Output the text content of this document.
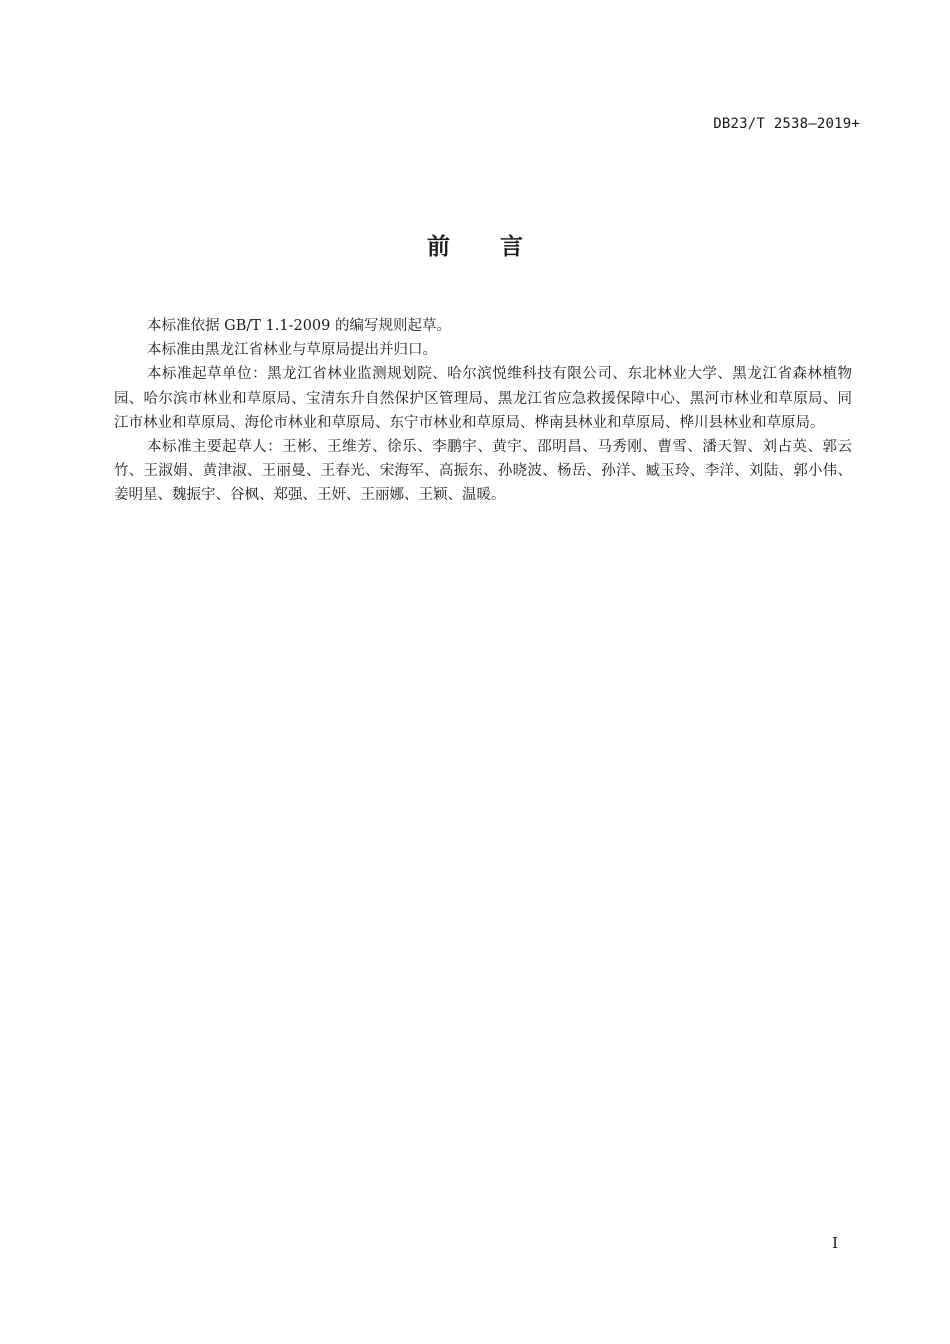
DB23/T 2538—2019+
前 言

本标准依据 GB/T 1.1-2009 的编写规则起草。

本标准由黑龙江省林业与草原局提出并归口。

本标准起草单位：黑龙江省林业监测规划院、哈尔滨悦维科技有限公司、东北林业大学、黑龙江省森林植物园、哈尔滨市林业和草原局、宝清东升自然保护区管理局、黑龙江省应急救援保障中心、黑河市林业和草原局、同江市林业和草原局、海伦市林业和草原局、东宁市林业和草原局、桦南县林业和草原局、桦川县林业和草原局。

本标准主要起草人：王彬、王维芳、徐乐、李鹏宇、黄宇、邵明昌、马秀刚、曹雪、潘天智、刘占英、郭云竹、王淑娟、黄津淑、王丽曼、王春光、宋海军、高振东、孙晓波、杨岳、孙洋、臧玉玲、李洋、刘陆、郭小伟、姜明星、魏振宇、谷枫、郑强、王妍、王丽娜、王颖、温暖。

I
